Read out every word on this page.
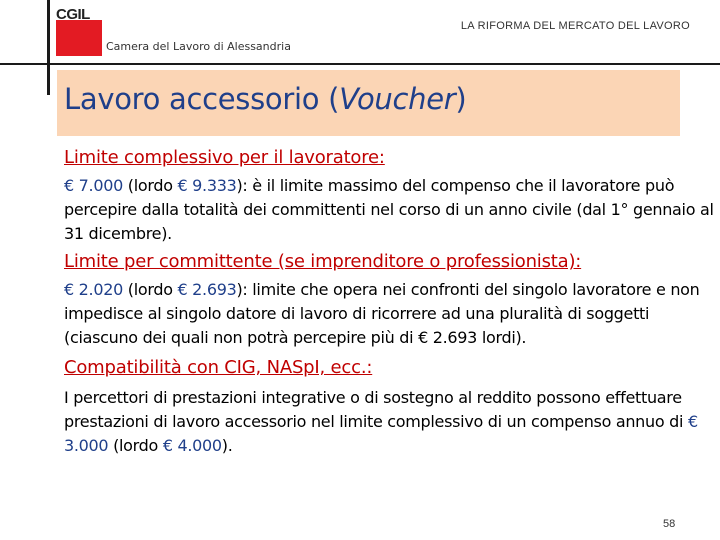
CGIL
Camera del Lavoro di Alessandria
LA RIFORMA DEL MERCATO DEL LAVORO
Lavoro accessorio (Voucher)

Limite complessivo per il lavoratore:

€ 7.000 (lordo € 9.333): è il limite massimo del compenso che il lavoratore può percepire dalla totalità dei committenti nel corso di un anno civile (dal 1° gennaio al 31 dicembre).

Limite per committente (se imprenditore o professionista):

€ 2.020 (lordo € 2.693): limite che opera nei confronti del singolo lavoratore e non impedisce al singolo datore di lavoro di ricorrere ad una pluralità di soggetti (ciascuno dei quali non potrà percepire più di € 2.693 lordi).

Compatibilità con CIG, NASpI, ecc.:

I percettori di prestazioni integrative o di sostegno al reddito possono effettuare prestazioni di lavoro accessorio nel limite complessivo di un compenso annuo di € 3.000 (lordo € 4.000).

58
